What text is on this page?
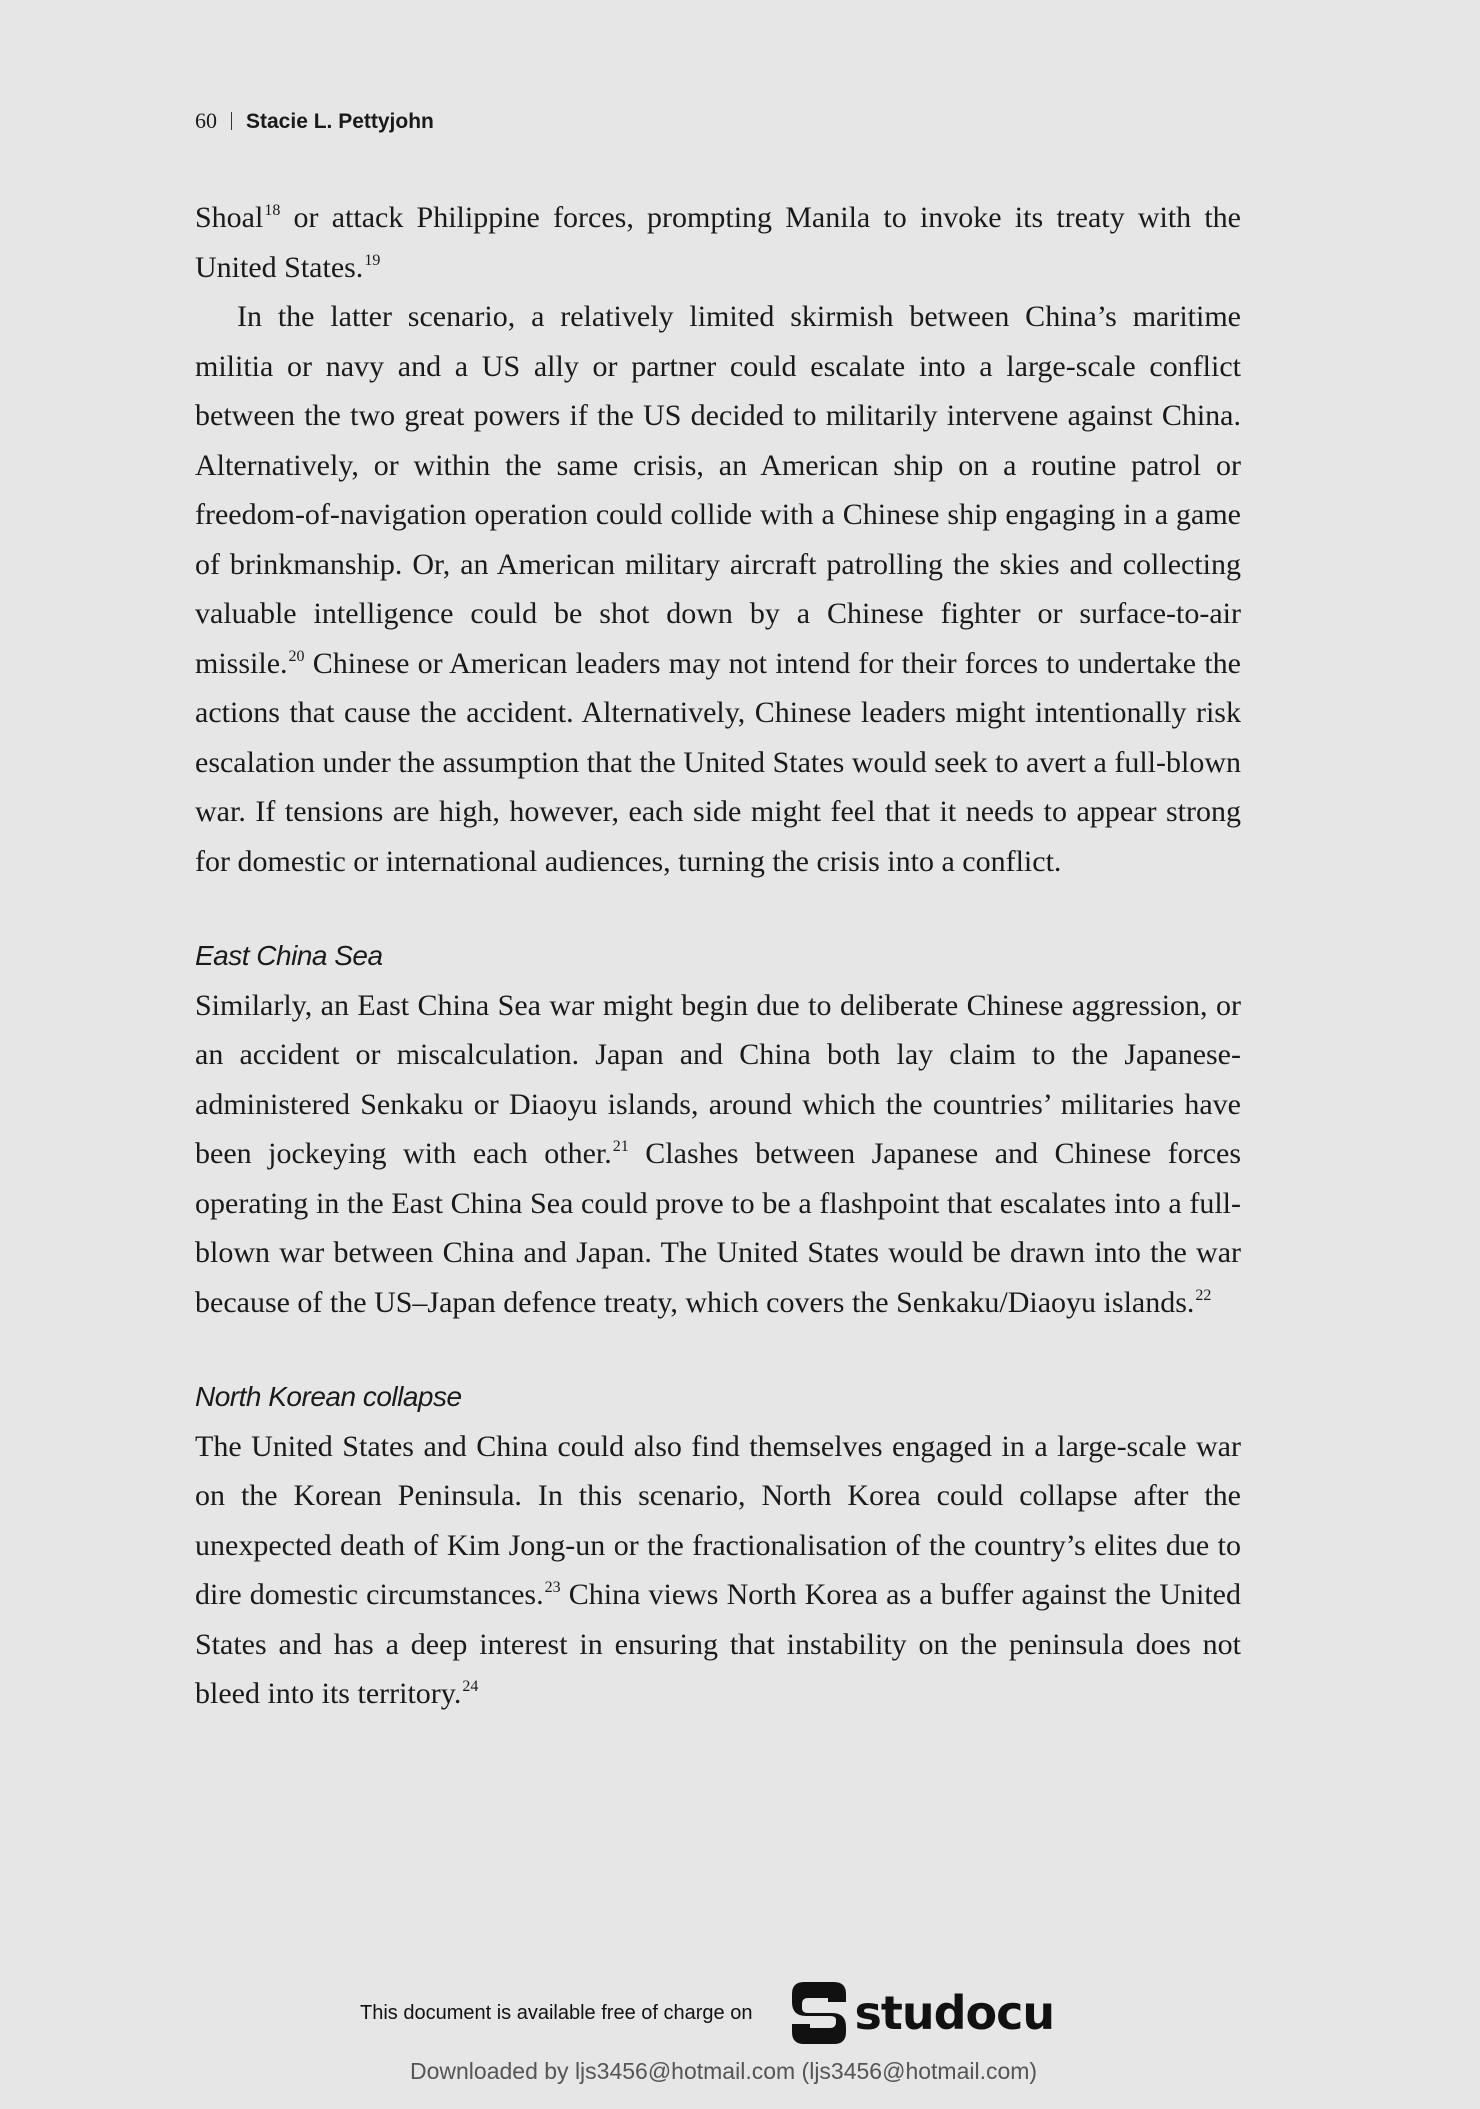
60 Stacie L. Pettyjohn

Shoal$^{18}$ or attack Philippine forces, prompting Manila to invoke its treaty with the United States.$^{19}$

In the latter scenario, a relatively limited skirmish between China’s maritime militia or navy and a US ally or partner could escalate into a large-scale conflict between the two great powers if the US decided to militarily intervene against China. Alternatively, or within the same crisis, an American ship on a routine patrol or freedom-of-navigation operation could collide with a Chinese ship engaging in a game of brinkmanship. Or, an American military aircraft patrolling the skies and collecting valuable intelligence could be shot down by a Chinese fighter or surface-to-air missile.$^{20}$ Chinese or American leaders may not intend for their forces to undertake the actions that cause the accident. Alternatively, Chinese leaders might intentionally risk escalation under the assumption that the United States would seek to avert a full-blown war. If tensions are high, however, each side might feel that it needs to appear strong for domestic or international audiences, turning the crisis into a conflict.

East China Sea

Similarly, an East China Sea war might begin due to deliberate Chinese aggression, or an accident or miscalculation. Japan and China both lay claim to the Japanese-administered Senkaku or Diaoyu islands, around which the countries’ militaries have been jockeying with each other.$^{21}$ Clashes between Japanese and Chinese forces operating in the East China Sea could prove to be a flashpoint that escalates into a full-blown war between China and Japan. The United States would be drawn into the war because of the US–Japan defence treaty, which covers the Senkaku/Diaoyu islands.$^{22}$

North Korean collapse

The United States and China could also find themselves engaged in a large-scale war on the Korean Peninsula. In this scenario, North Korea could collapse after the unexpected death of Kim Jong-un or the fractionalisation of the country’s elites due to dire domestic circumstances.$^{23}$ China views North Korea as a buffer against the United States and has a deep interest in ensuring that instability on the peninsula does not bleed into its territory.$^{24}$

This document is available free of charge on studocu
Downloaded by ljs3456@hotmail.com (ljs3456@hotmail.com)
